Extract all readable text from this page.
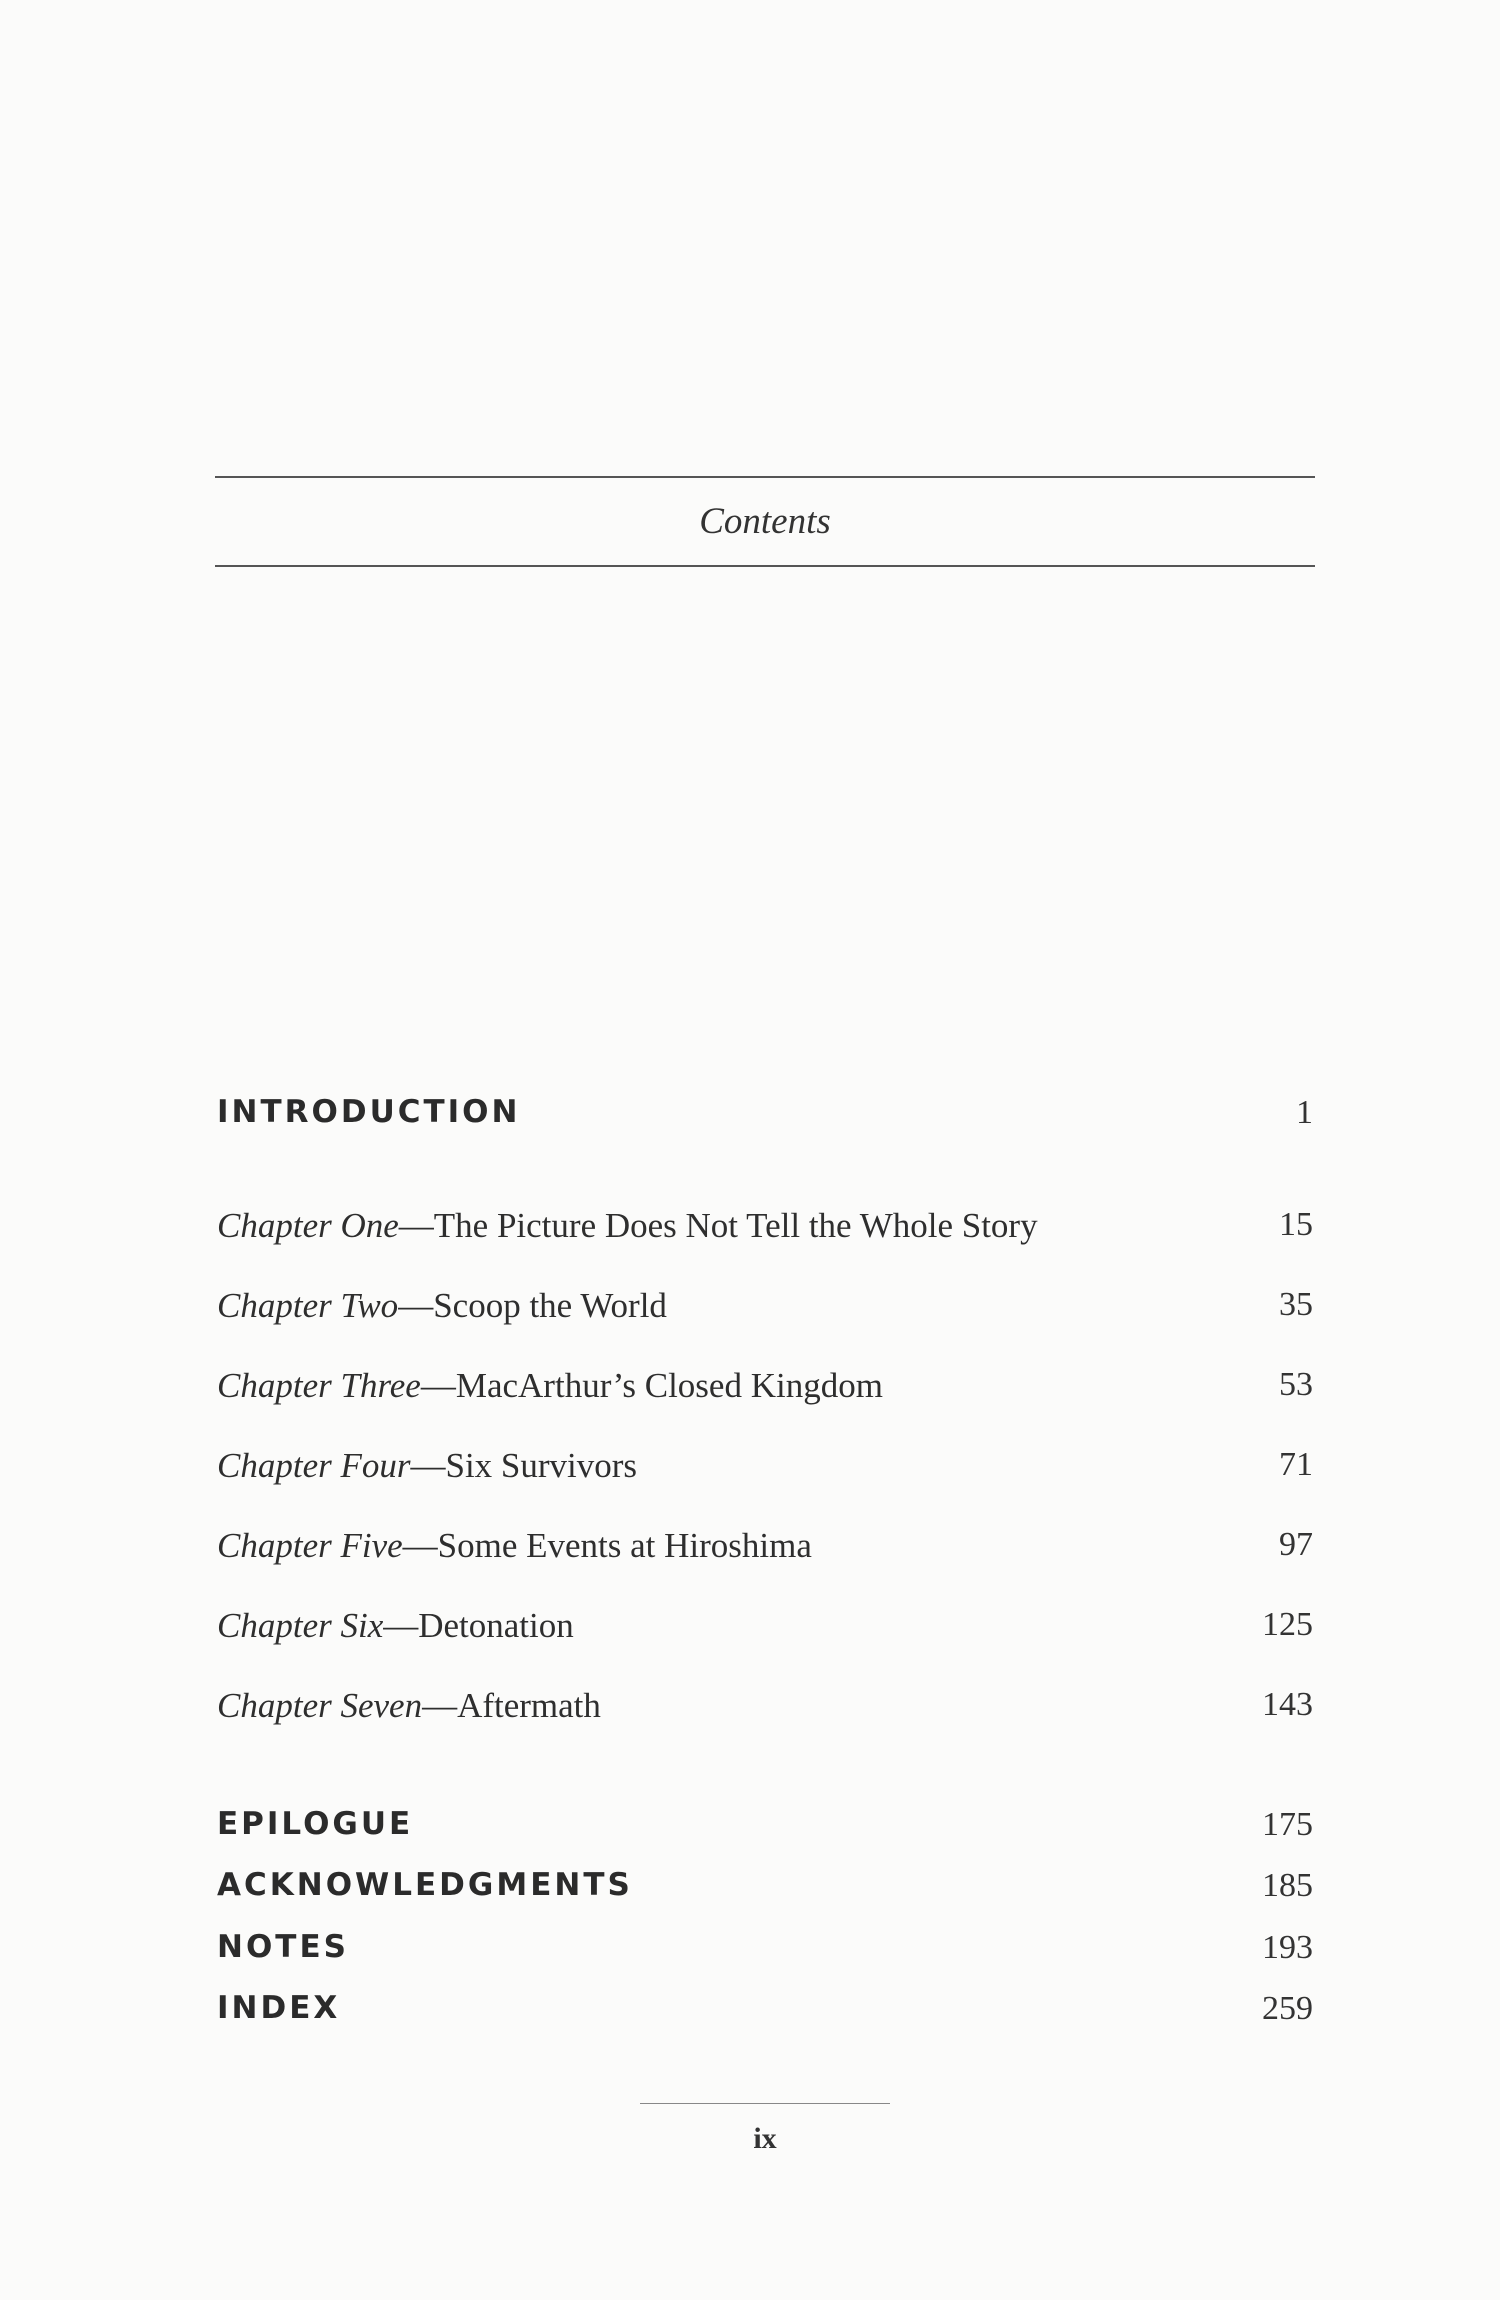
Contents
INTRODUCTION	1
Chapter One—The Picture Does Not Tell the Whole Story	15
Chapter Two—Scoop the World	35
Chapter Three—MacArthur’s Closed Kingdom	53
Chapter Four—Six Survivors	71
Chapter Five—Some Events at Hiroshima	97
Chapter Six—Detonation	125
Chapter Seven—Aftermath	143
EPILOGUE	175
ACKNOWLEDGMENTS	185
NOTES	193
INDEX	259
ix
